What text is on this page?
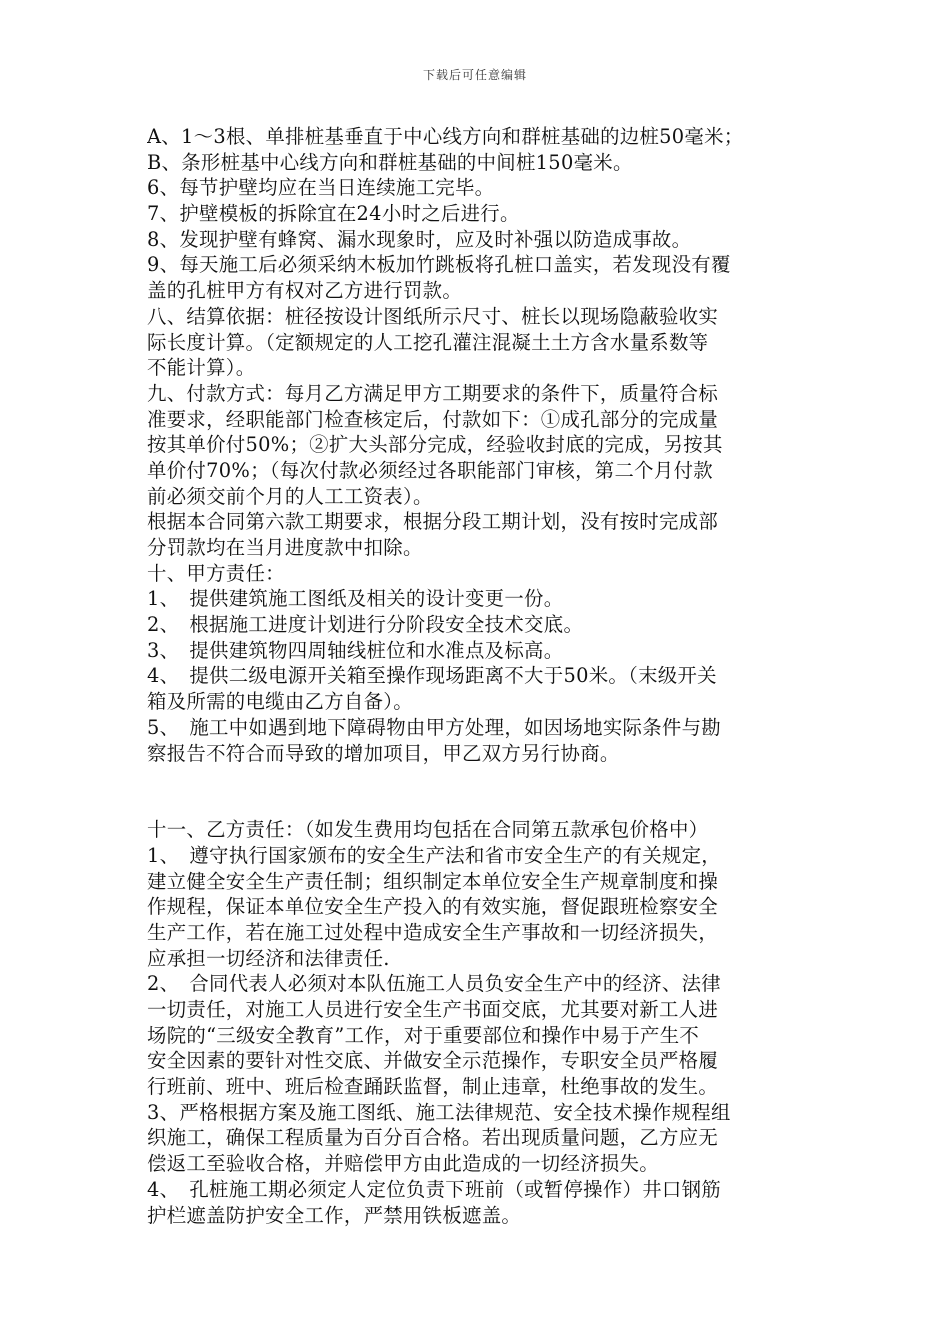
下载后可任意编辑
A、1～3根、单排桩基垂直于中心线方向和群桩基础的边桩50毫米；
B、条形桩基中心线方向和群桩基础的中间桩150毫米。
6、每节护壁均应在当日连续施工完毕。
7、护壁模板的拆除宜在24小时之后进行。
8、发现护壁有蜂窝、漏水现象时，应及时补强以防造成事故。
9、每天施工后必须采纳木板加竹跳板将孔桩口盖实，若发现没有覆
盖的孔桩甲方有权对乙方进行罚款。
八、结算依据：桩径按设计图纸所示尺寸、桩长以现场隐蔽验收实
际长度计算。（定额规定的人工挖孔灌注混凝土土方含水量系数等
不能计算）。
九、付款方式：每月乙方满足甲方工期要求的条件下，质量符合标
准要求，经职能部门检查核定后，付款如下：①成孔部分的完成量
按其单价付50%；②扩大头部分完成，经验收封底的完成，另按其
单价付70%；（每次付款必须经过各职能部门审核，第二个月付款
前必须交前个月的人工工资表）。
根据本合同第六款工期要求，根据分段工期计划，没有按时完成部
分罚款均在当月进度款中扣除。
十、甲方责任：
1、　提供建筑施工图纸及相关的设计变更一份。
2、　根据施工进度计划进行分阶段安全技术交底。
3、　提供建筑物四周轴线桩位和水准点及标高。
4、　提供二级电源开关箱至操作现场距离不大于50米。（末级开关
箱及所需的电缆由乙方自备）。
5、　施工中如遇到地下障碍物由甲方处理，如因场地实际条件与勘
察报告不符合而导致的增加项目，甲乙双方另行协商。
十一、乙方责任：（如发生费用均包括在合同第五款承包价格中）
1、　遵守执行国家颁布的安全生产法和省市安全生产的有关规定，
建立健全安全生产责任制；组织制定本单位安全生产规章制度和操
作规程，保证本单位安全生产投入的有效实施，督促跟班检察安全
生产工作，若在施工过处程中造成安全生产事故和一切经济损失，
应承担一切经济和法律责任.
2、　合同代表人必须对本队伍施工人员负安全生产中的经济、法律
一切责任，对施工人员进行安全生产书面交底，尤其要对新工人进
场院的“三级安全教育”工作，对于重要部位和操作中易于产生不
安全因素的要针对性交底、并做安全示范操作，专职安全员严格履
行班前、班中、班后检查踊跃监督，制止违章，杜绝事故的发生。
3、严格根据方案及施工图纸、施工法律规范、安全技术操作规程组
织施工，确保工程质量为百分百合格。若出现质量问题，乙方应无
偿返工至验收合格，并赔偿甲方由此造成的一切经济损失。
4、　孔桩施工期必须定人定位负责下班前（或暂停操作）井口钢筋
护栏遮盖防护安全工作，严禁用铁板遮盖。
